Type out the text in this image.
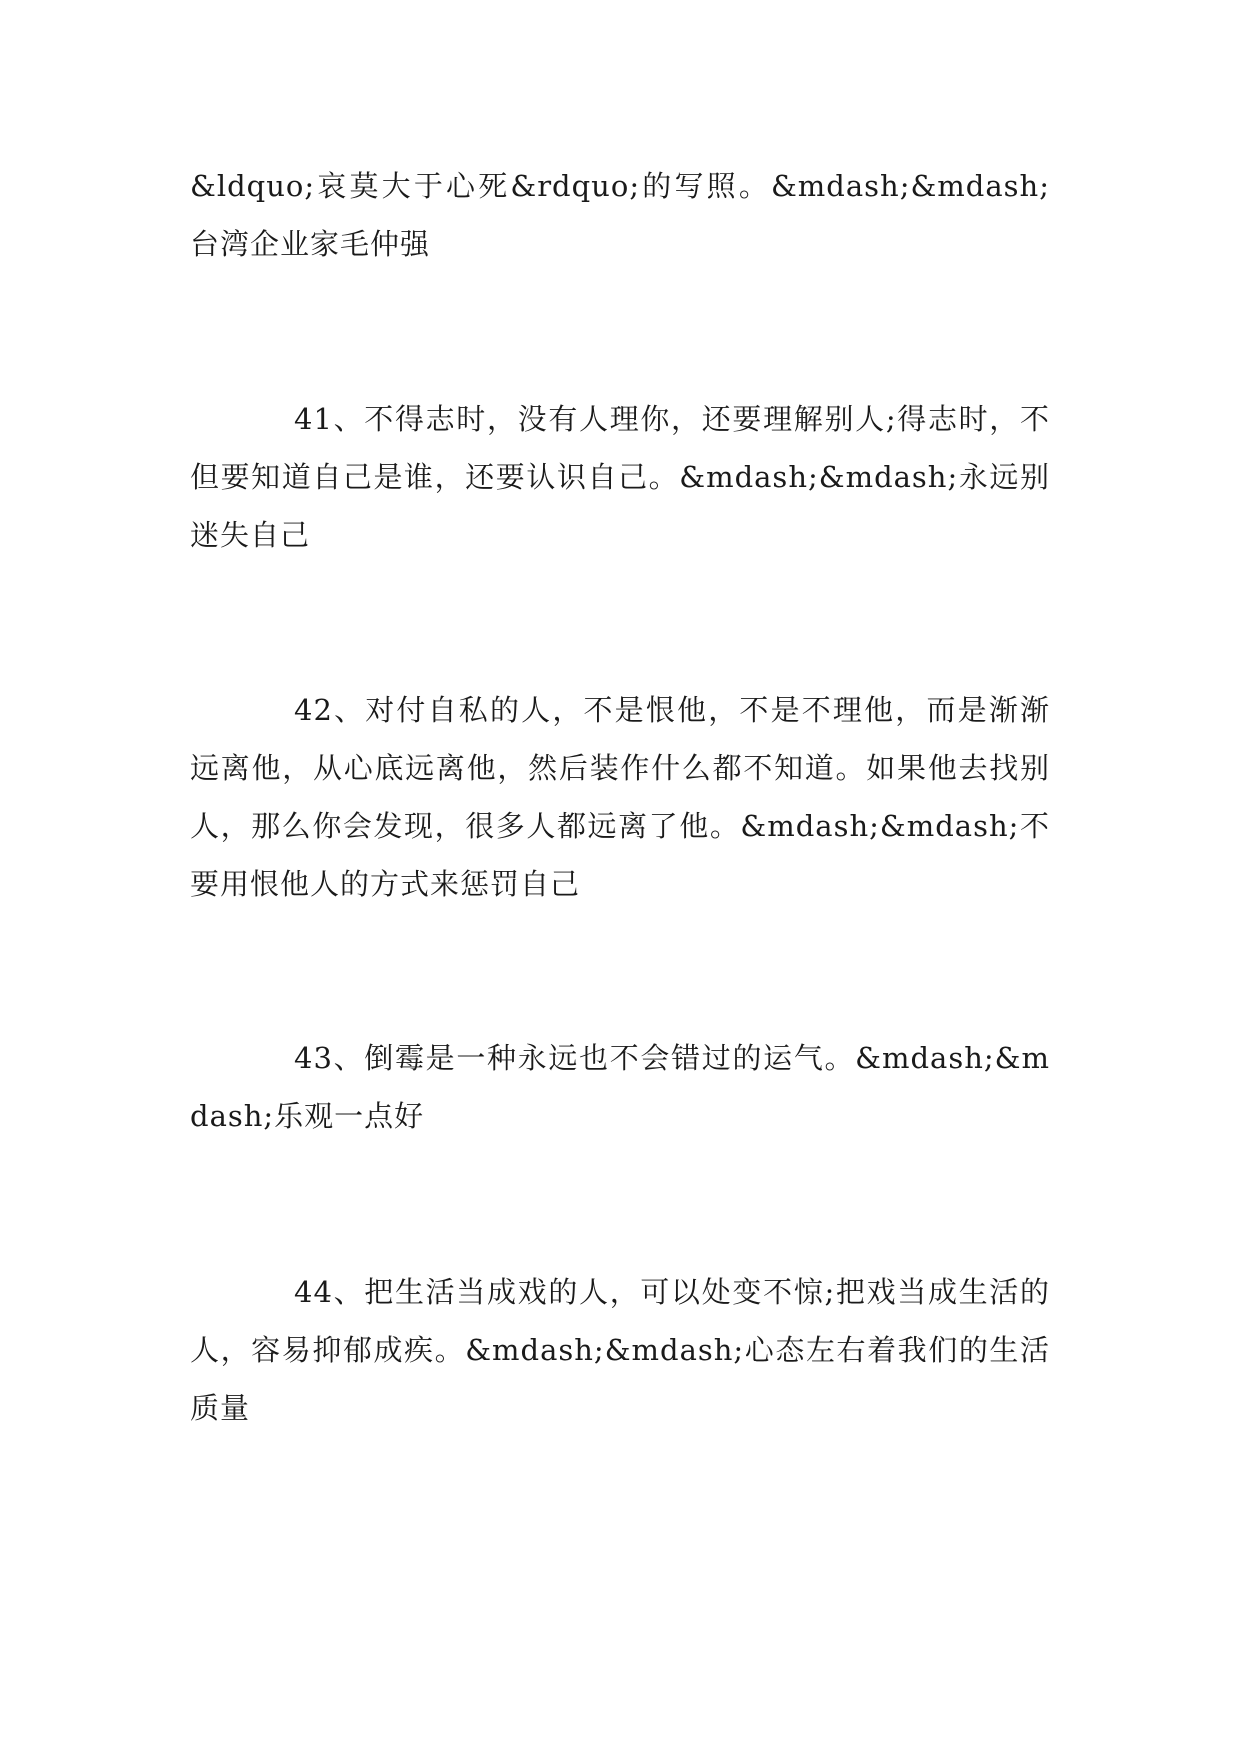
&ldquo;哀莫大于心死&rdquo;的写照。&mdash;&mdash;台湾企业家毛仲强

41、不得志时，没有人理你，还要理解别人;得志时，不但要知道自己是谁，还要认识自己。&mdash;&mdash;永远别迷失自己

42、对付自私的人，不是恨他，不是不理他，而是渐渐远离他，从心底远离他，然后装作什么都不知道。如果他去找别人，那么你会发现，很多人都远离了他。&mdash;&mdash;不要用恨他人的方式来惩罚自己

43、倒霉是一种永远也不会错过的运气。&mdash;&mdash;乐观一点好

44、把生活当成戏的人，可以处变不惊;把戏当成生活的人，容易抑郁成疾。&mdash;&mdash;心态左右着我们的生活质量
